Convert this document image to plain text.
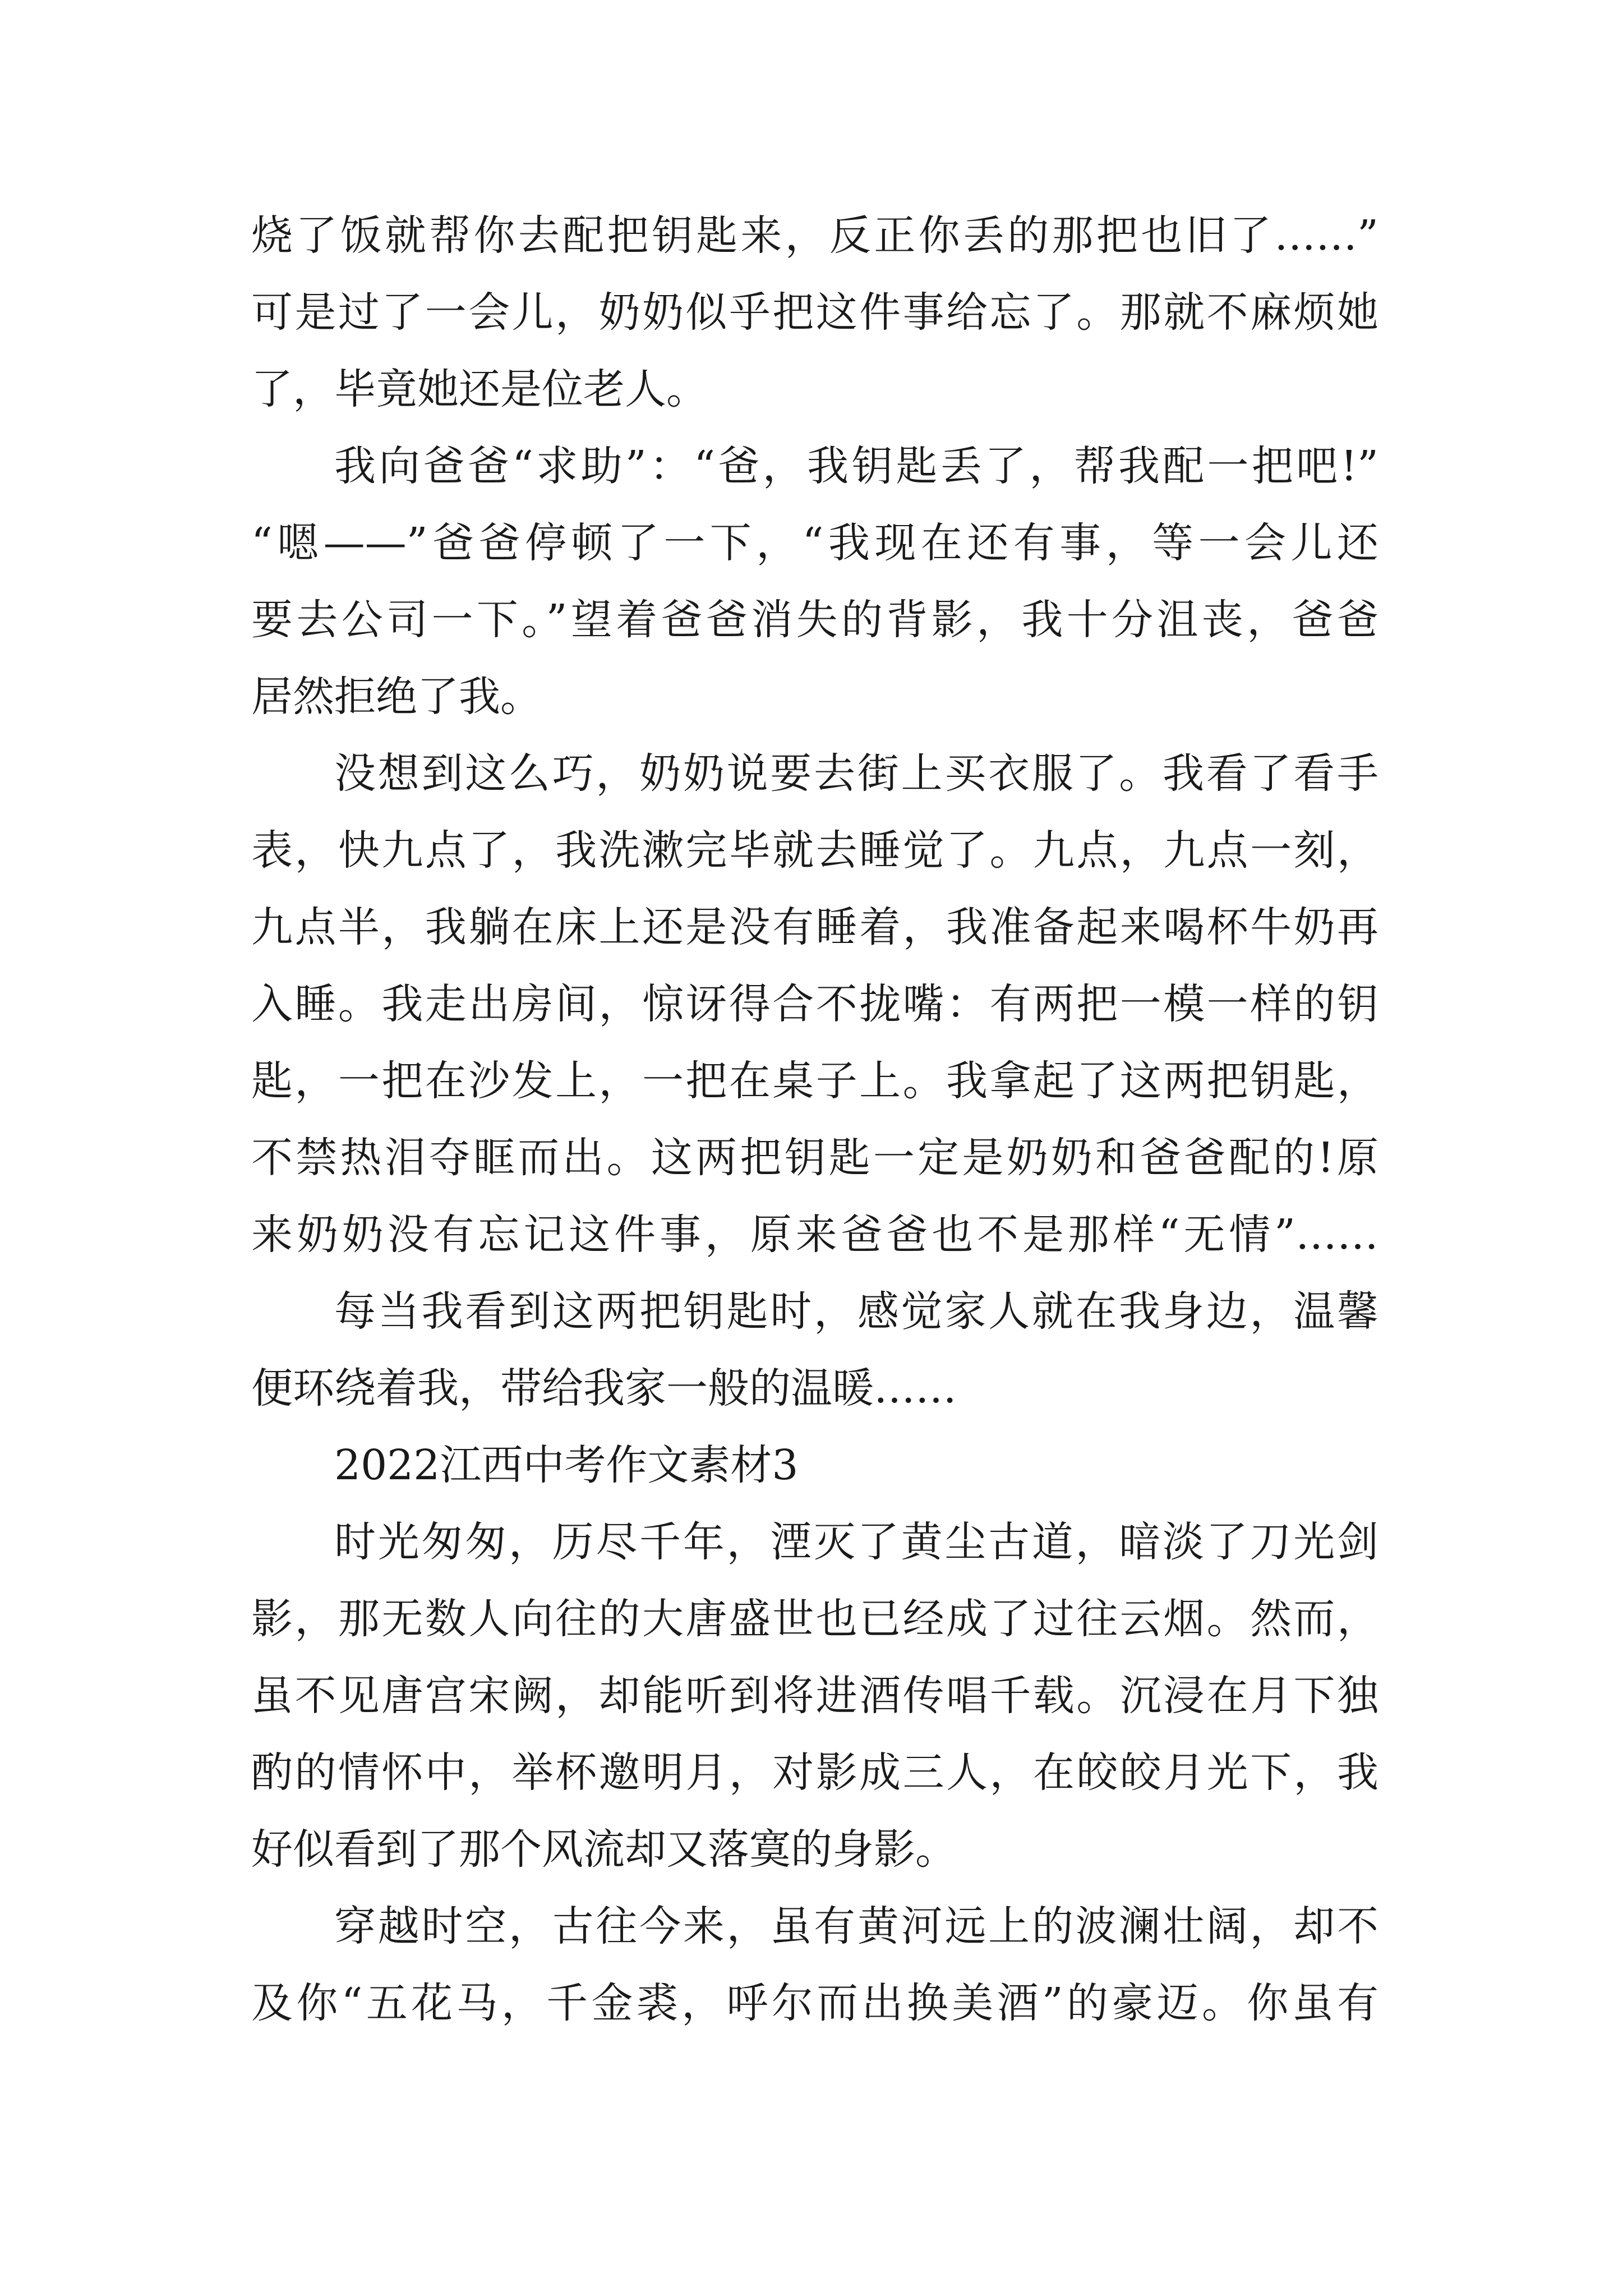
烧了饭就帮你去配把钥匙来，反正你丢的那把也旧了……”
可是过了一会儿，奶奶似乎把这件事给忘了。那就不麻烦她
了，毕竟她还是位老人。
我向爸爸“求助”：“爸，我钥匙丢了，帮我配一把吧!”
“嗯——”爸爸停顿了一下，“我现在还有事，等一会儿还
要去公司一下。”望着爸爸消失的背影，我十分沮丧，爸爸
居然拒绝了我。
没想到这么巧，奶奶说要去街上买衣服了。我看了看手
表，快九点了，我洗漱完毕就去睡觉了。九点，九点一刻，
九点半，我躺在床上还是没有睡着，我准备起来喝杯牛奶再
入睡。我走出房间，惊讶得合不拢嘴：有两把一模一样的钥
匙，一把在沙发上，一把在桌子上。我拿起了这两把钥匙，
不禁热泪夺眶而出。这两把钥匙一定是奶奶和爸爸配的!原
来奶奶没有忘记这件事，原来爸爸也不是那样“无情”……
每当我看到这两把钥匙时，感觉家人就在我身边，温馨
便环绕着我，带给我家一般的温暖……
2022江西中考作文素材3
时光匆匆，历尽千年，湮灭了黄尘古道，暗淡了刀光剑
影，那无数人向往的大唐盛世也已经成了过往云烟。然而，
虽不见唐宫宋阙，却能听到将进酒传唱千载。沉浸在月下独
酌的情怀中，举杯邀明月，对影成三人，在皎皎月光下，我
好似看到了那个风流却又落寞的身影。
穿越时空，古往今来，虽有黄河远上的波澜壮阔，却不
及你“五花马，千金裘，呼尔而出换美酒”的豪迈。你虽有
